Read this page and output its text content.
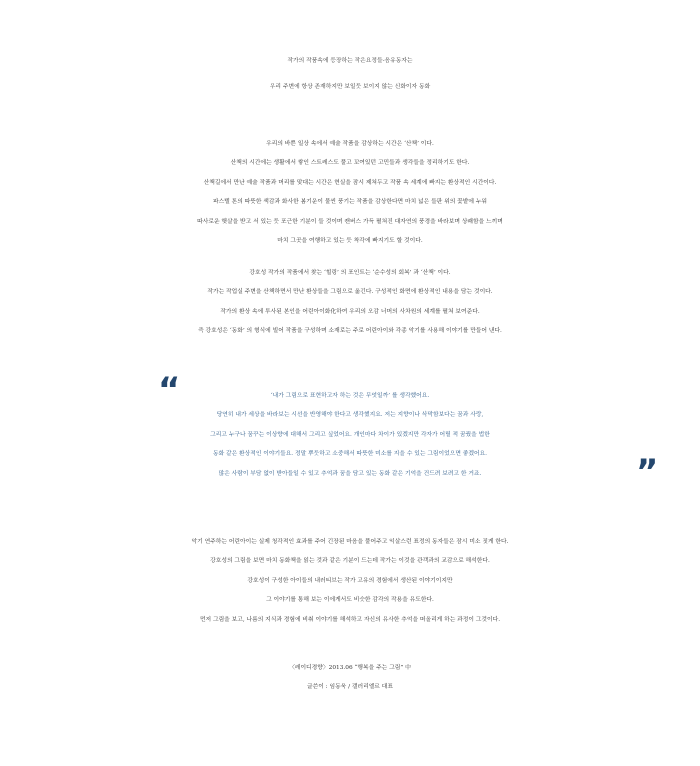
작가의 작품속에 등장하는 작은요정들-음유동자는
우리 주변에 항상 존재하지만 보일듯 보이지 않는 신화이자 동화
우리의 바쁜 일상 속에서 예술 작품을 감상하는 시간은 ‘산책’ 이다.
산책의 시간에는 생활에서 쌓인 스트레스도 풀고 꼬여있던 고민들과 생각들을 정리하기도 한다.
산책길에서 만난 예술 작품과 머리를 맞대는 시간은 현실을 잠시 제쳐두고 작품 속 세계에 빠지는 환상적인 시간이다.
파스텔 톤의 따뜻한 색감과 화사한 봄기운이 물씬 풍기는 작품을 감상한다면 마치 넓은 들판 위의 꽃밭에 누워
따사로운 햇살을 받고 서 있는 듯 포근한 기분이 들 것이며 캔버스 가득 펼쳐진 대자연의 풍경을 바라보며 상쾌함을 느끼며
마치 그곳을 여행하고 있는 듯 착각에 빠지기도 할 것이다.
강호성 작가의 작품에서 찾는 ‘힐링’ 의 포인트는 ‘순수성의 회복’ 과 ‘산책’ 이다.
작가는 작업실 주변을 산책하면서 만난 환상들을 그림으로 옮긴다. 구성적인 화면에 환상적인 내용을 담는 것이다.
작가의 환상 속에 투사된 본인을 어린아이화化하여 우리의 오감 너머의 사차원의 세계를 펼쳐 보여준다.
즉 강호성은 ‘동화’ 의 형식에 빌어 작품을 구성하며 소재로는 주로 어린아이와 각종 악기를 사용해 이야기를 만들어 낸다.
“	‘내가 그림으로 표현하고자 하는 것은 무엇일까’ 를 생각했어요.
당연히 내가 세상을 바라보는 시선을 반영해야 한다고 생각했지요. 저는 지향이나 삭막함보다는 꿈과 사랑,
그리고 누구나 꿈꾸는 이상향에 대해서 그리고 싶었어요. 개인마다 차이가 있겠지만 각자가 어릴 적 꿈꿨을 법한
동화 같은 환상적인 이야기들요. 정말 뿌듯하고 소중해서 따뜻한 미소를 지을 수 있는 그림이었으면 좋겠어요.
많은 사람이 부담 없이 받아들일 수 있고 추억과 꿈을 담고 있는 동화 같은 기억을 건드려 보려고 한 거죠.	”
악기 연주하는 어린아이는 실제 청각적인 효과를 주어 긴장된 마음을 풀어주고 익살스런 표정의 동자들은 잠시 미소 짓게 한다.
강호성의 그림을 보면 마치 동화책을 읽는 것과 같은 기분이 드는데 작가는 이것을 관객과의 교감으로 해석한다.
강호성이 구성한 아이들의 내러티브는 작가 고유의 경험에서 생산된 이야기이지만
그 이야기를 통해 보는 이에게서도 비슷한 감각의 작용을 유도한다.
먼저 그림을 보고, 나름의 지식과 경험에 비춰 이야기를 해석하고 자신의 유사한 추억을 떠올리게 하는 과정이 그것이다.
〈레이디경향〉2013.06 “행복을 주는 그림” 中
글쓴이 : 임동욱 / 갤러리엘르 대표
